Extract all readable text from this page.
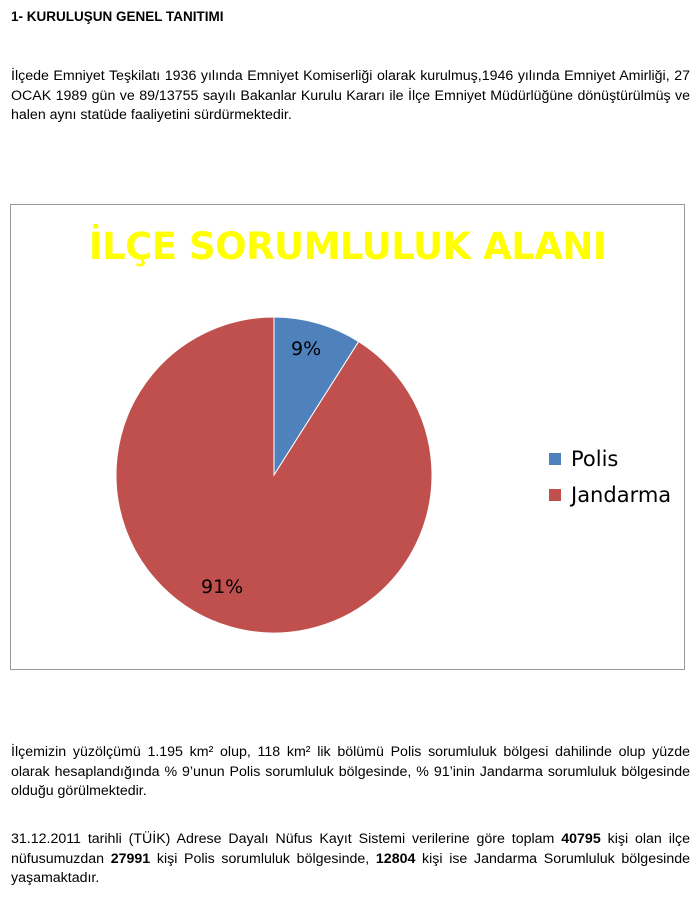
1- KURULUŞUN GENEL TANITIMI
İlçede Emniyet Teşkilatı 1936 yılında Emniyet Komiserliği olarak kurulmuş,1946 yılında Emniyet Amirliği, 27 OCAK 1989 gün ve 89/13755 sayılı Bakanlar Kurulu Kararı ile İlçe Emniyet Müdürlüğüne dönüştürülmüş ve halen aynı statüde faaliyetini sürdürmektedir.
İLÇE SORUMLULUK ALANI
9%
91%
Polis
Jandarma
İlçemizin yüzölçümü 1.195 km² olup, 118 km² lik bölümü Polis sorumluluk bölgesi dahilinde olup yüzde olarak hesaplandığında % 9’unun Polis sorumluluk bölgesinde, % 91’inin Jandarma sorumluluk bölgesinde olduğu görülmektedir.
31.12.2011 tarihli (TÜİK) Adrese Dayalı Nüfus Kayıt Sistemi verilerine göre toplam 40795 kişi olan ilçe nüfusumuzdan 27991 kişi Polis sorumluluk bölgesinde, 12804 kişi ise Jandarma Sorumluluk bölgesinde yaşamaktadır.
